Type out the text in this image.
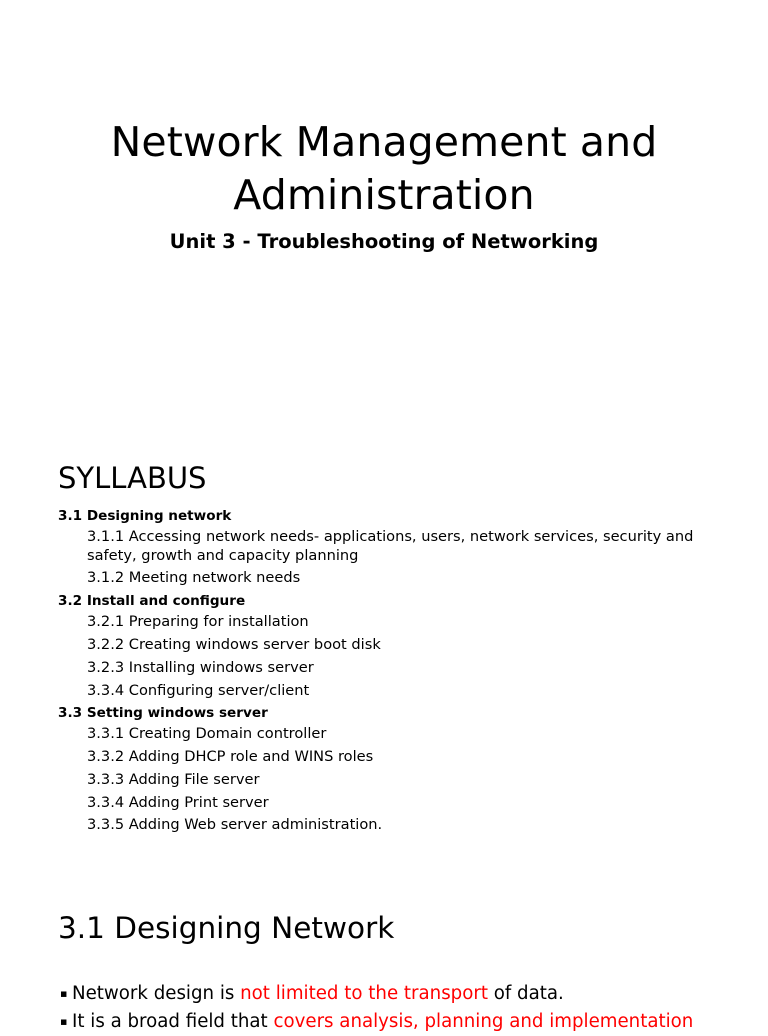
Network Management and
Administration
Unit 3 - Troubleshooting of Networking
SYLLABUS
3.1 Designing network
3.1.1 Accessing network needs- applications, users, network services, security and
safety, growth and capacity planning
3.1.2 Meeting network needs
3.2 Install and configure
3.2.1 Preparing for installation
3.2.2 Creating windows server boot disk
3.2.3 Installing windows server
3.3.4 Configuring server/client
3.3 Setting windows server
3.3.1 Creating Domain controller
3.3.2 Adding DHCP role and WINS roles
3.3.3 Adding File server
3.3.4 Adding Print server
3.3.5 Adding Web server administration.
3.1 Designing Network
▪ Network design is not limited to the transport of data.
▪ It is a broad field that covers analysis, planning and implementation
